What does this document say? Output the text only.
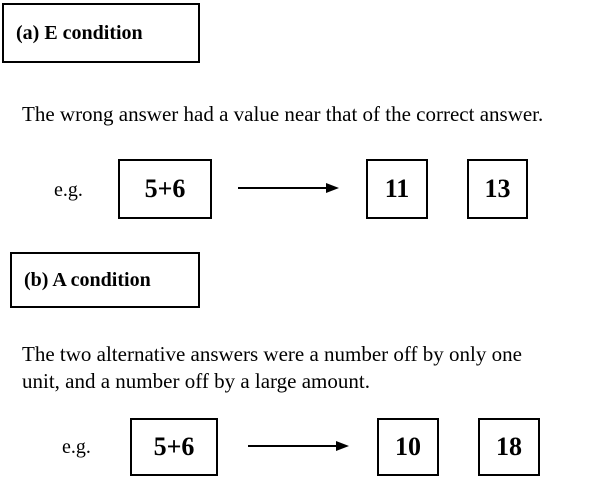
(a) E condition
The wrong answer had a value near that of the correct answer.
e.g. 5+6	11	13
(b) A condition
The two alternative answers were a number off by only one
unit, and a number off by a large amount.
e.g. 5+6	10	18
